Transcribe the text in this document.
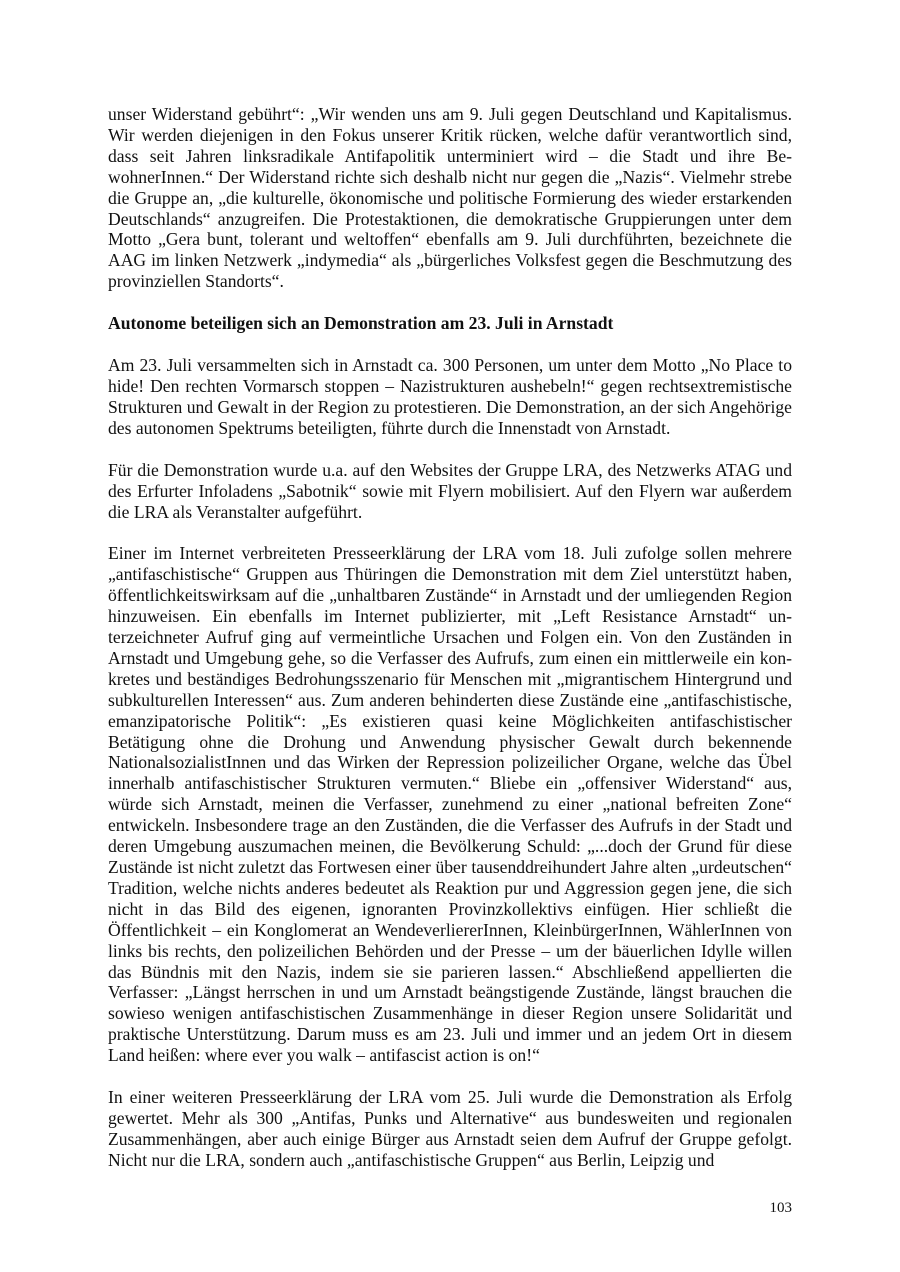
unser Widerstand gebührt“: „Wir wenden uns am 9. Juli gegen Deutschland und Kapitalismus. Wir werden diejenigen in den Fokus unserer Kritik rücken, welche dafür verantwortlich sind, dass seit Jahren linksradikale Antifapolitik unterminiert wird – die Stadt und ihre BewohnerInnen.“ Der Widerstand richte sich deshalb nicht nur gegen die „Nazis“. Vielmehr strebe die Gruppe an, „die kulturelle, ökonomische und politische Formierung des wieder erstarkenden Deutschlands“ anzugreifen. Die Protestaktionen, die demokratische Gruppierungen unter dem Motto „Gera bunt, tolerant und weltoffen“ ebenfalls am 9. Juli durchführten, bezeichnete die AAG im linken Netzwerk „indymedia“ als „bürgerliches Volksfest gegen die Beschmutzung des provinziellen Standorts“.

Autonome beteiligen sich an Demonstration am 23. Juli in Arnstadt

Am 23. Juli versammelten sich in Arnstadt ca. 300 Personen, um unter dem Motto „No Place to hide! Den rechten Vormarsch stoppen – Nazistrukturen aushebeln!“ gegen rechtsextremistische Strukturen und Gewalt in der Region zu protestieren. Die Demonstration, an der sich Angehörige des autonomen Spektrums beteiligten, führte durch die Innenstadt von Arnstadt.

Für die Demonstration wurde u.a. auf den Websites der Gruppe LRA, des Netzwerks ATAG und des Erfurter Infoladens „Sabotnik“ sowie mit Flyern mobilisiert. Auf den Flyern war außerdem die LRA als Veranstalter aufgeführt.

Einer im Internet verbreiteten Presseerklärung der LRA vom 18. Juli zufolge sollen mehrere „antifaschistische“ Gruppen aus Thüringen die Demonstration mit dem Ziel unterstützt haben, öffentlichkeitswirksam auf die „unhaltbaren Zustände“ in Arnstadt und der umliegenden Region hinzuweisen. Ein ebenfalls im Internet publizierter, mit „Left Resistance Arnstadt“ unterzeichneter Aufruf ging auf vermeintliche Ursachen und Folgen ein. Von den Zuständen in Arnstadt und Umgebung gehe, so die Verfasser des Aufrufs, zum einen ein mittlerweile ein konkretes und beständiges Bedrohungsszenario für Menschen mit „migrantischem Hintergrund und subkulturellen Interessen“ aus. Zum anderen behinderten diese Zustände eine „antifaschistische, emanzipatorische Politik“: „Es existieren quasi keine Möglichkeiten antifaschistischer Betätigung ohne die Drohung und Anwendung physischer Gewalt durch bekennende NationalsozialistInnen und das Wirken der Repression polizeilicher Organe, welche das Übel innerhalb antifaschistischer Strukturen vermuten.“ Bliebe ein „offensiver Widerstand“ aus, würde sich Arnstadt, meinen die Verfasser, zunehmend zu einer „national befreiten Zone“ entwickeln. Insbesondere trage an den Zuständen, die die Verfasser des Aufrufs in der Stadt und deren Umgebung auszumachen meinen, die Bevölkerung Schuld: „...doch der Grund für diese Zustände ist nicht zuletzt das Fortwesen einer über tausenddreihundert Jahre alten „urdeutschen“ Tradition, welche nichts anderes bedeutet als Reaktion pur und Aggression gegen jene, die sich nicht in das Bild des eigenen, ignoranten Provinzkollektivs einfügen. Hier schließt die Öffentlichkeit – ein Konglomerat an WendeverliererInnen, KleinbürgerInnen, WählerInnen von links bis rechts, den polizeilichen Behörden und der Presse – um der bäuerlichen Idylle willen das Bündnis mit den Nazis, indem sie sie parieren lassen.“ Abschließend appellierten die Verfasser: „Längst herrschen in und um Arnstadt beängstigende Zustände, längst brauchen die sowieso wenigen antifaschistischen Zusammenhänge in dieser Region unsere Solidarität und praktische Unterstützung. Darum muss es am 23. Juli und immer und an jedem Ort in diesem Land heißen: where ever you walk – antifascist action is on!“

In einer weiteren Presseerklärung der LRA vom 25. Juli wurde die Demonstration als Erfolg gewertet. Mehr als 300 „Antifas, Punks und Alternative“ aus bundesweiten und regionalen Zusammenhängen, aber auch einige Bürger aus Arnstadt seien dem Aufruf der Gruppe gefolgt. Nicht nur die LRA, sondern auch „antifaschistische Gruppen“ aus Berlin, Leipzig und

103
